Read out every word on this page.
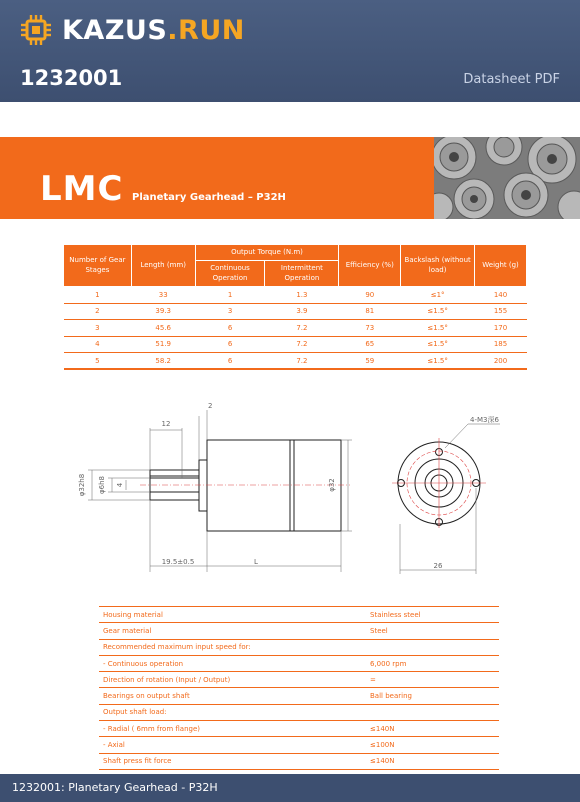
KAZUS.RUN
1232001	Datasheet PDF
LMC Planetary Gearhead – P32H
Number of Gear Stages	Length (mm)	Output Torque (N.m)		Efficiency (%)	Backslash (without load)	Weight (g)
		Continuous Operation	Intermittent Operation			
1	33	1	1.3	90	≤1°	140
2	39.3	3	3.9	81	≤1.5°	155
3	45.6	6	7.2	73	≤1.5°	170
4	51.9	6	7.2	65	≤1.5°	185
5	58.2	6	7.2	59	≤1.5°	200
12
2
φ32h8 φ6h8 4	φ32
19.5±0.5	L
4-M3深6
26
Housing material	Stainless steel
Gear material	Steel
Recommended maximum input speed for:	
- Continuous operation	6,000 rpm
Direction of rotation (Input / Output)	=
Bearings on output shaft	Ball bearing
Output shaft load:	
- Radial ( 6mm from flange)	≤140N
- Axial	≤100N
Shaft press fit force	≤140N
1232001: Planetary Gearhead - P32H
